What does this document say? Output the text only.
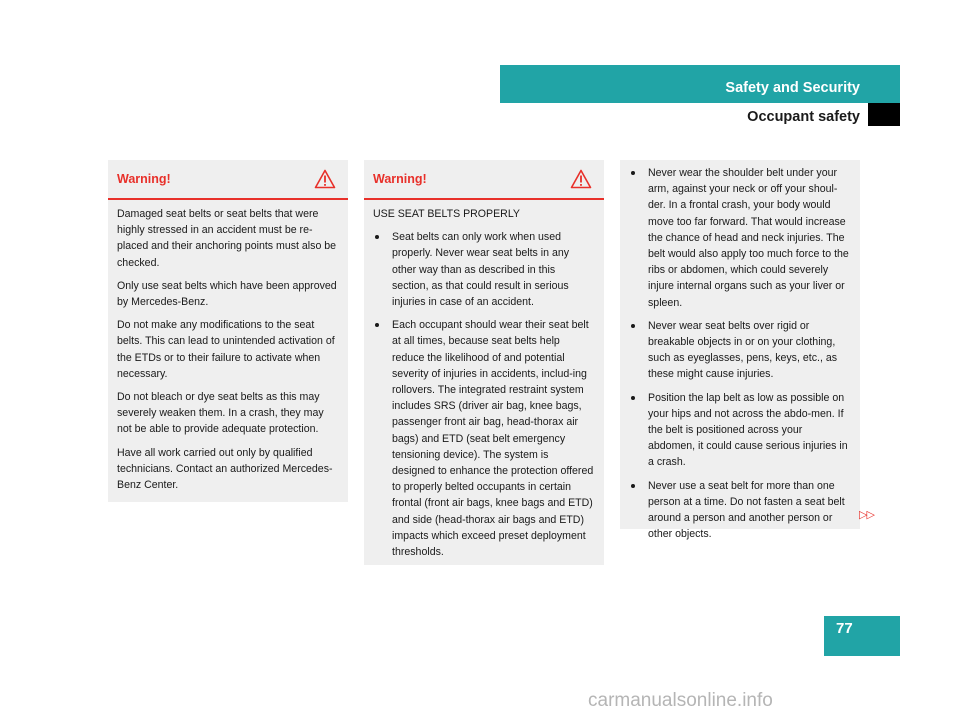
Safety and Security
Occupant safety
Warning!

Damaged seat belts or seat belts that were highly stressed in an accident must be re-placed and their anchoring points must also be checked.

Only use seat belts which have been approved by Mercedes-Benz.

Do not make any modifications to the seat belts. This can lead to unintended activation of the ETDs or to their failure to activate when necessary.

Do not bleach or dye seat belts as this may severely weaken them. In a crash, they may not be able to provide adequate protection.

Have all work carried out only by qualified technicians. Contact an authorized Mercedes-Benz Center.

Warning!
USE SEAT BELTS PROPERLY
Seat belts can only work when used properly. Never wear seat belts in any other way than as described in this section, as that could result in serious injuries in case of an accident.
Each occupant should wear their seat belt at all times, because seat belts help reduce the likelihood of and potential severity of injuries in accidents, includ-ing rollovers. The integrated restraint system includes SRS (driver air bag, knee bags, passenger front air bag, head-thorax air bags) and ETD (seat belt emergency tensioning device). The system is designed to enhance the protection offered to properly belted occupants in certain frontal (front air bags, knee bags and ETD) and side (head-thorax air bags and ETD) impacts which exceed preset deployment thresholds.
Never wear the shoulder belt under your arm, against your neck or off your shoul-der. In a frontal crash, your body would move too far forward. That would increase the chance of head and neck injuries. The belt would also apply too much force to the ribs or abdomen, which could severely injure internal organs such as your liver or spleen.
Never wear seat belts over rigid or breakable objects in or on your clothing, such as eyeglasses, pens, keys, etc., as these might cause injuries.
Position the lap belt as low as possible on your hips and not across the abdo-men. If the belt is positioned across your abdomen, it could cause serious injuries in a crash.
Never use a seat belt for more than one person at a time. Do not fasten a seat belt around a person and another person or other objects.
▷▷
77
carmanualsonline.info
